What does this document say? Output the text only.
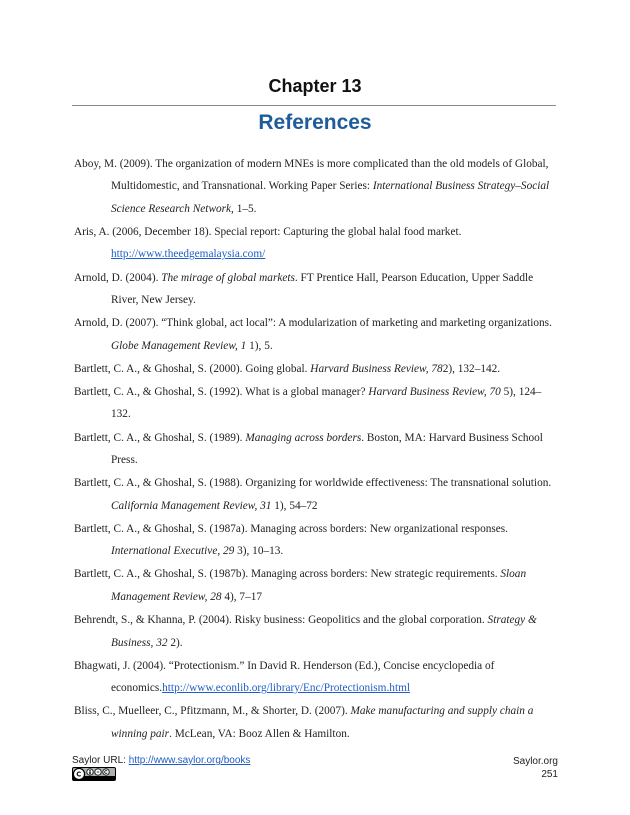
Chapter 13
References

Aboy, M. (2009). The organization of modern MNEs is more complicated than the old models of Global, Multidomestic, and Transnational. Working Paper Series: International Business Strategy–Social Science Research Network, 1–5.

Aris, A. (2006, December 18). Special report: Capturing the global halal food market. http://www.theedgemalaysia.com/

Arnold, D. (2004). The mirage of global markets. FT Prentice Hall, Pearson Education, Upper Saddle River, New Jersey.

Arnold, D. (2007). “Think global, act local”: A modularization of marketing and marketing organizations. Globe Management Review, 1 1), 5.

Bartlett, C. A., & Ghoshal, S. (2000). Going global. Harvard Business Review, 782), 132–142.

Bartlett, C. A., & Ghoshal, S. (1992). What is a global manager? Harvard Business Review, 70 5), 124–132.

Bartlett, C. A., & Ghoshal, S. (1989). Managing across borders. Boston, MA: Harvard Business School Press.

Bartlett, C. A., & Ghoshal, S. (1988). Organizing for worldwide effectiveness: The transnational solution. California Management Review, 31 1), 54–72

Bartlett, C. A., & Ghoshal, S. (1987a). Managing across borders: New organizational responses. International Executive, 29 3), 10–13.

Bartlett, C. A., & Ghoshal, S. (1987b). Managing across borders: New strategic requirements. Sloan Management Review, 28 4), 7–17

Behrendt, S., & Khanna, P. (2004). Risky business: Geopolitics and the global corporation. Strategy & Business, 32 2).

Bhagwati, J. (2004). “Protectionism.” In David R. Henderson (Ed.), Concise encyclopedia of economics.http://www.econlib.org/library/Enc/Protectionism.html

Bliss, C., Muelleer, C., Pfitzmann, M., & Shorter, D. (2007). Make manufacturing and supply chain a winning pair. McLean, VA: Booz Allen & Hamilton.

Saylor URL: http://www.saylor.org/books	Saylor.org
251
